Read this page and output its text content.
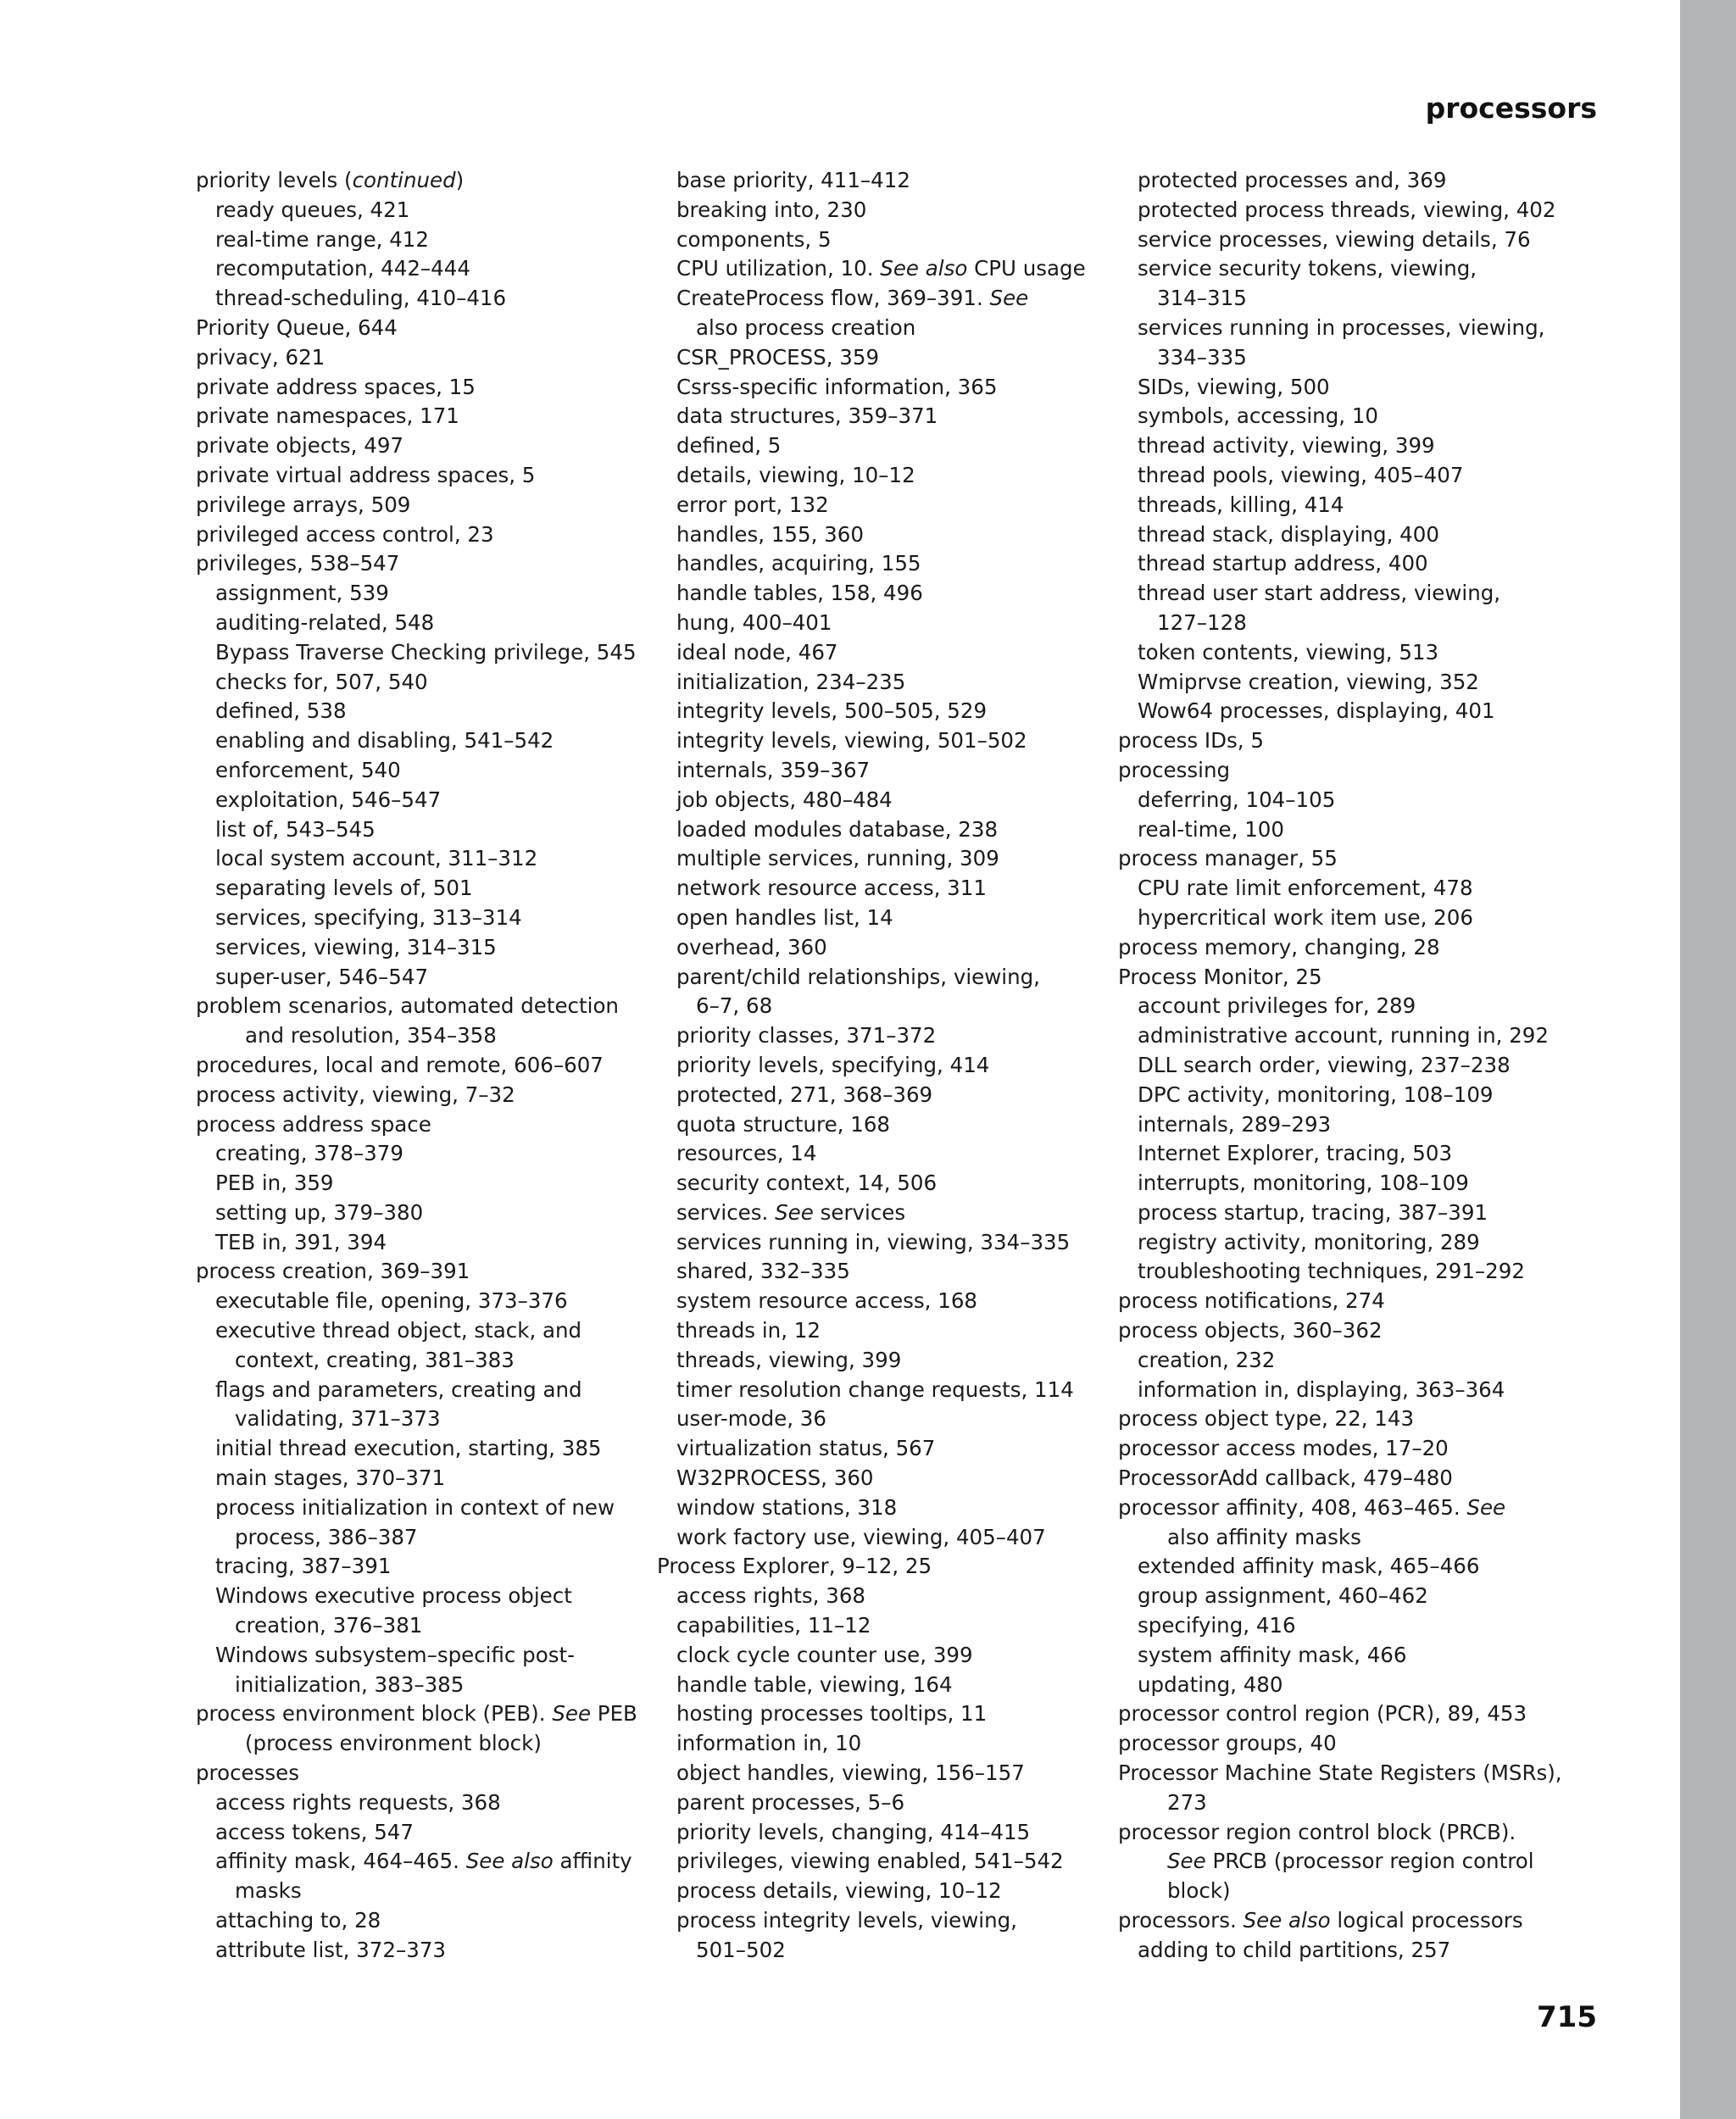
processors
priority levels (continued)
ready queues, 421
real-time range, 412
recomputation, 442–444
thread-scheduling, 410–416
Priority Queue, 644
privacy, 621
private address spaces, 15
private namespaces, 171
private objects, 497
private virtual address spaces, 5
privilege arrays, 509
privileged access control, 23
privileges, 538–547
assignment, 539
auditing-related, 548
Bypass Traverse Checking privilege, 545
checks for, 507, 540
defined, 538
enabling and disabling, 541–542
enforcement, 540
exploitation, 546–547
list of, 543–545
local system account, 311–312
separating levels of, 501
services, specifying, 313–314
services, viewing, 314–315
super-user, 546–547
problem scenarios, automated detection
and resolution, 354–358
procedures, local and remote, 606–607
process activity, viewing, 7–32
process address space
creating, 378–379
PEB in, 359
setting up, 379–380
TEB in, 391, 394
process creation, 369–391
executable file, opening, 373–376
executive thread object, stack, and
context, creating, 381–383
flags and parameters, creating and
validating, 371–373
initial thread execution, starting, 385
main stages, 370–371
process initialization in context of new
process, 386–387
tracing, 387–391
Windows executive process object
creation, 376–381
Windows subsystem–specific post-
initialization, 383–385
process environment block (PEB). See PEB
(process environment block)
processes
access rights requests, 368
access tokens, 547
affinity mask, 464–465. See also affinity
masks
attaching to, 28
attribute list, 372–373
base priority, 411–412
breaking into, 230
components, 5
CPU utilization, 10. See also CPU usage
CreateProcess flow, 369–391. See
also process creation
CSR_PROCESS, 359
Csrss-specific information, 365
data structures, 359–371
defined, 5
details, viewing, 10–12
error port, 132
handles, 155, 360
handles, acquiring, 155
handle tables, 158, 496
hung, 400–401
ideal node, 467
initialization, 234–235
integrity levels, 500–505, 529
integrity levels, viewing, 501–502
internals, 359–367
job objects, 480–484
loaded modules database, 238
multiple services, running, 309
network resource access, 311
open handles list, 14
overhead, 360
parent/child relationships, viewing,
6–7, 68
priority classes, 371–372
priority levels, specifying, 414
protected, 271, 368–369
quota structure, 168
resources, 14
security context, 14, 506
services. See services
services running in, viewing, 334–335
shared, 332–335
system resource access, 168
threads in, 12
threads, viewing, 399
timer resolution change requests, 114
user-mode, 36
virtualization status, 567
W32PROCESS, 360
window stations, 318
work factory use, viewing, 405–407
Process Explorer, 9–12, 25
access rights, 368
capabilities, 11–12
clock cycle counter use, 399
handle table, viewing, 164
hosting processes tooltips, 11
information in, 10
object handles, viewing, 156–157
parent processes, 5–6
priority levels, changing, 414–415
privileges, viewing enabled, 541–542
process details, viewing, 10–12
process integrity levels, viewing,
501–502
protected processes and, 369
protected process threads, viewing, 402
service processes, viewing details, 76
service security tokens, viewing,
314–315
services running in processes, viewing,
334–335
SIDs, viewing, 500
symbols, accessing, 10
thread activity, viewing, 399
thread pools, viewing, 405–407
threads, killing, 414
thread stack, displaying, 400
thread startup address, 400
thread user start address, viewing,
127–128
token contents, viewing, 513
Wmiprvse creation, viewing, 352
Wow64 processes, displaying, 401
process IDs, 5
processing
deferring, 104–105
real-time, 100
process manager, 55
CPU rate limit enforcement, 478
hypercritical work item use, 206
process memory, changing, 28
Process Monitor, 25
account privileges for, 289
administrative account, running in, 292
DLL search order, viewing, 237–238
DPC activity, monitoring, 108–109
internals, 289–293
Internet Explorer, tracing, 503
interrupts, monitoring, 108–109
process startup, tracing, 387–391
registry activity, monitoring, 289
troubleshooting techniques, 291–292
process notifications, 274
process objects, 360–362
creation, 232
information in, displaying, 363–364
process object type, 22, 143
processor access modes, 17–20
ProcessorAdd callback, 479–480
processor affinity, 408, 463–465. See
also affinity masks
extended affinity mask, 465–466
group assignment, 460–462
specifying, 416
system affinity mask, 466
updating, 480
processor control region (PCR), 89, 453
processor groups, 40
Processor Machine State Registers (MSRs),
273
processor region control block (PRCB).
See PRCB (processor region control
block)
processors. See also logical processors
adding to child partitions, 257
715
